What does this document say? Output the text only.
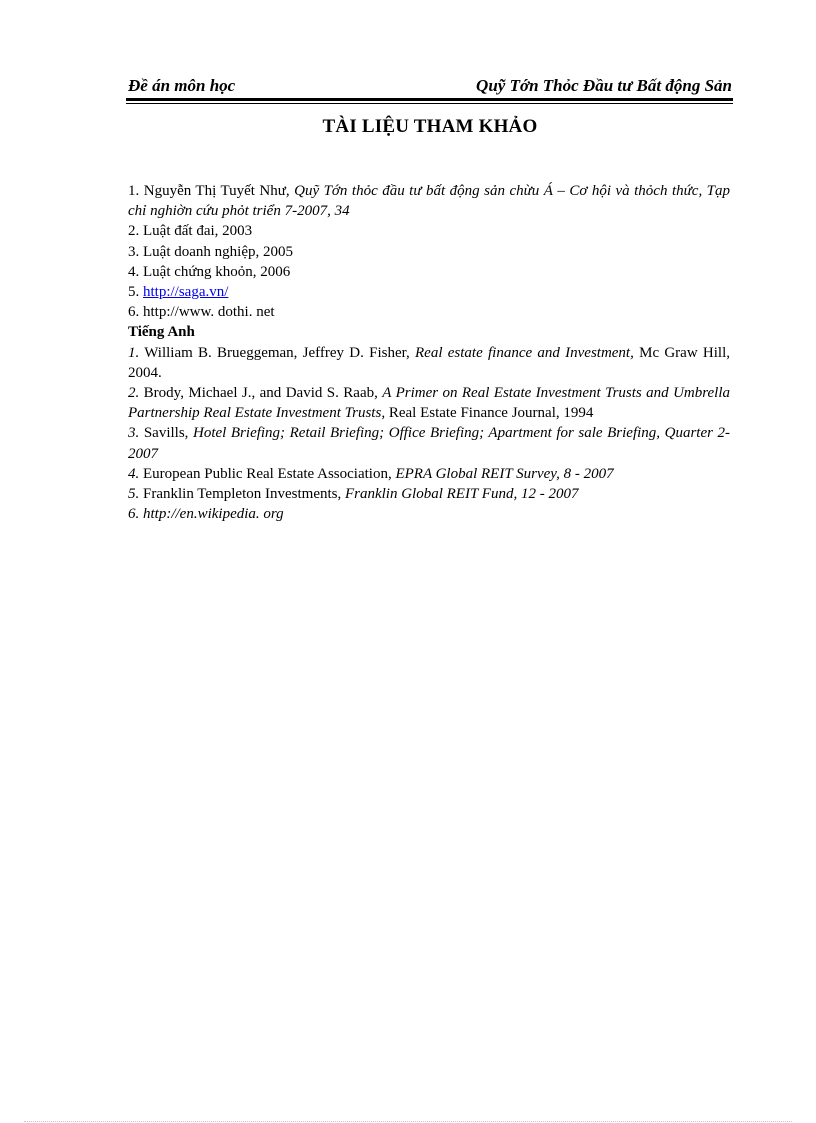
Đề án môn học	Quỹ Tớn Thỏc Đầu tư Bất động Sản
TÀI LIỆU THAM KHẢO
1. Nguyễn Thị Tuyết Như, Quỹ Tớn thỏc đầu tư bất động sản chừu Á – Cơ hội và thỏch thức, Tạp chỉ nghiờn cứu phỏt triển 7-2007, 34
2. Luật đất đai, 2003
3. Luật doanh nghiệp, 2005
4. Luật chứng khoỏn, 2006
5. http://saga.vn/
6. http://www. dothi. net
Tiếng Anh
1. William B. Brueggeman, Jeffrey D. Fisher, Real estate finance and Investment, Mc Graw Hill, 2004.
2. Brody, Michael J., and David S. Raab, A Primer on Real Estate Investment Trusts and Umbrella Partnership Real Estate Investment Trusts, Real Estate Finance Journal, 1994
3. Savills, Hotel Briefing; Retail Briefing; Office Briefing; Apartment for sale Briefing, Quarter 2- 2007
4. European Public Real Estate Association, EPRA Global REIT Survey, 8 - 2007
5. Franklin Templeton Investments, Franklin Global REIT Fund, 12 - 2007
6. http://en.wikipedia. org
